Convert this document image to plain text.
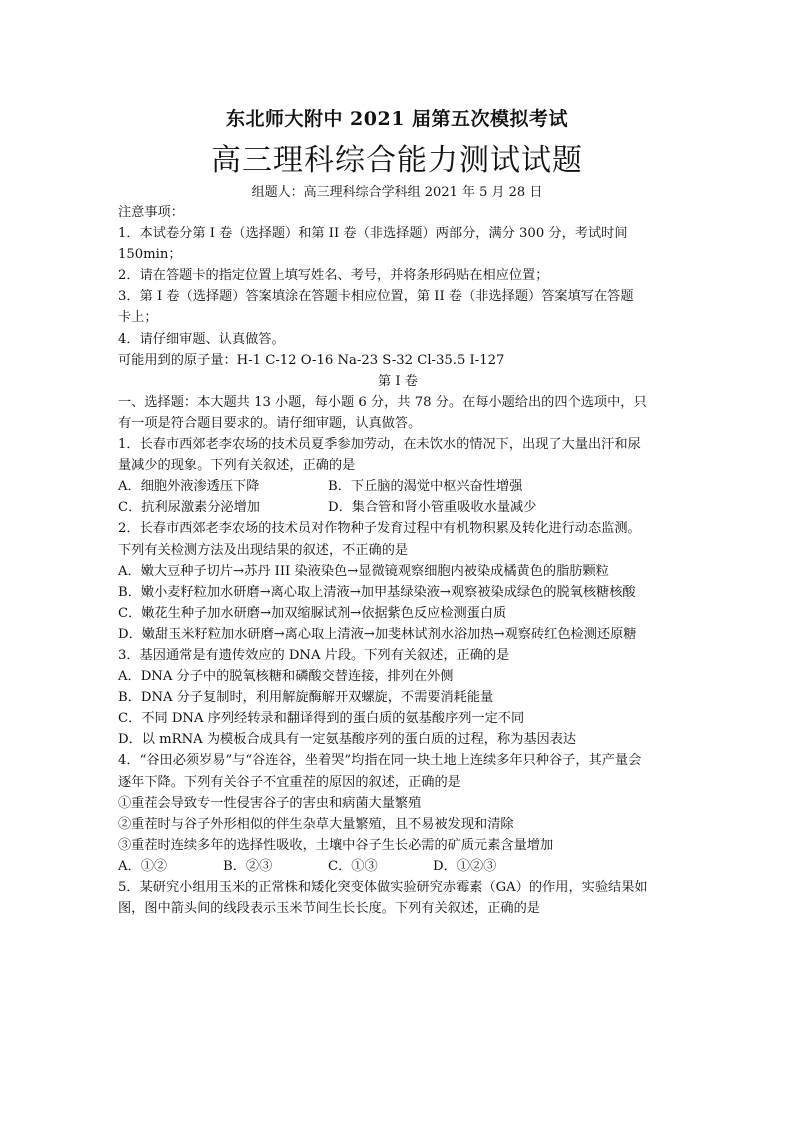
东北师大附中 2021 届第五次模拟考试
高三理科综合能力测试试题
组题人：高三理科综合学科组 2021 年 5 月 28 日

注意事项：

1．本试卷分第 I 卷（选择题）和第 II 卷（非选择题）两部分，满分 300 分，考试时间

150min；

2．请在答题卡的指定位置上填写姓名、考号，并将条形码贴在相应位置；

3．第 I 卷（选择题）答案填涂在答题卡相应位置，第 II 卷（非选择题）答案填写在答题

卡上；

4．请仔细审题、认真做答。

可能用到的原子量：H-1 C-12 O-16 Na-23 S-32 Cl-35.5 I-127

第 I 卷

一、选择题：本大题共 13 小题，每小题 6 分，共 78 分。在每小题给出的四个选项中，只

有一项是符合题目要求的。请仔细审题，认真做答。

1．长春市西郊老李农场的技术员夏季参加劳动，在未饮水的情况下，出现了大量出汗和尿

量减少的现象。下列有关叙述，正确的是

A．细胞外液渗透压下降	B．下丘脑的渴觉中枢兴奋性增强
C．抗利尿激素分泌增加	D．集合管和肾小管重吸收水量减少

2．长春市西郊老李农场的技术员对作物种子发育过程中有机物积累及转化进行动态监测。

下列有关检测方法及出现结果的叙述，不正确的是

A．嫩大豆种子切片→苏丹 III 染液染色→显微镜观察细胞内被染成橘黄色的脂肪颗粒

B．嫩小麦籽粒加水研磨→离心取上清液→加甲基绿染液→观察被染成绿色的脱氧核糖核酸

C．嫩花生种子加水研磨→加双缩脲试剂→依据紫色反应检测蛋白质

D．嫩甜玉米籽粒加水研磨→离心取上清液→加斐林试剂水浴加热→观察砖红色检测还原糖

3．基因通常是有遗传效应的 DNA 片段。下列有关叙述，正确的是

A．DNA 分子中的脱氧核糖和磷酸交替连接，排列在外侧

B．DNA 分子复制时，利用解旋酶解开双螺旋，不需要消耗能量

C．不同 DNA 序列经转录和翻译得到的蛋白质的氨基酸序列一定不同

D．以 mRNA 为模板合成具有一定氨基酸序列的蛋白质的过程，称为基因表达

4．“谷田必须岁易”与“谷连谷，坐着哭”均指在同一块土地上连续多年只种谷子，其产量会

逐年下降。下列有关谷子不宜重茬的原因的叙述，正确的是

①重茬会导致专一性侵害谷子的害虫和病菌大量繁殖

②重茬时与谷子外形相似的伴生杂草大量繁殖，且不易被发现和清除

③重茬时连续多年的选择性吸收，土壤中谷子生长必需的矿质元素含量增加

A．①②	B．②③	C．①③	D．①②③

5．某研究小组用玉米的正常株和矮化突变体做实验研究赤霉素（GA）的作用，实验结果如

图，图中箭头间的线段表示玉米节间生长长度。下列有关叙述，正确的是
